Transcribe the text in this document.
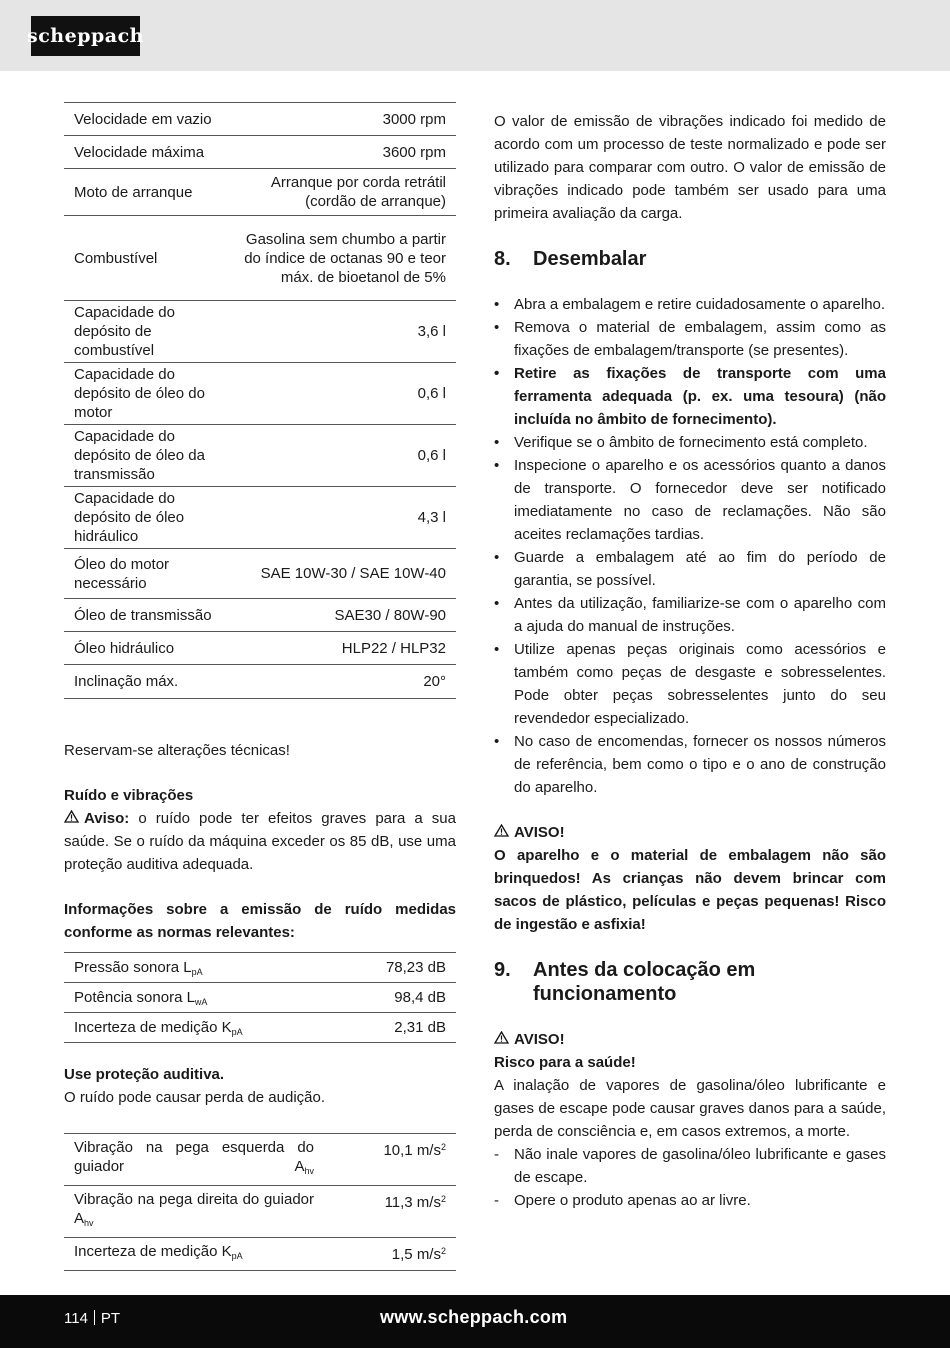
scheppach
Velocidade em vazio	3000 rpm
Velocidade máxima	3600 rpm
Moto de arranque	Arranque por corda retrátil (cordão de arranque)
Combustível	Gasolina sem chumbo a partir do índice de octanas 90 e teor máx. de bioetanol de 5%
Capacidade do depósito de combustível	3,6 l
Capacidade do depósito de óleo do motor	0,6 l
Capacidade do depósito de óleo da transmissão	0,6 l
Capacidade do depósito de óleo hidráulico	4,3 l
Óleo do motor necessário	SAE 10W-30 / SAE 10W-40
Óleo de transmissão	SAE30 / 80W-90
Óleo hidráulico	HLP22 / HLP32
Inclinação máx.	20°

Reservam-se alterações técnicas!

Ruído e vibrações

Aviso: o ruído pode ter efeitos graves para a sua saúde. Se o ruído da máquina exceder os 85 dB, use uma proteção auditiva adequada.

Informações sobre a emissão de ruído medidas conforme as normas relevantes:

Pressão sonora $L_{pA}$	78,23 dB
Potência sonora $L_{wA}$	98,4 dB
Incerteza de medição $K_{pA}$	2,31 dB

Use proteção auditiva.

O ruído pode causar perda de audição.

Vibração na pega esquerda do guiador $A_{hv}$	10,1 $m/s^2$
Vibração na pega direita do guiador $A_{hv}$	11,3 $m/s^2$
Incerteza de medição $K_{pA}$	1,5 $m/s^2$

O valor de emissão de vibrações indicado foi medido de acordo com um processo de teste normalizado e pode ser utilizado para comparar com outro. O valor de emissão de vibrações indicado pode também ser usado para uma primeira avaliação da carga.

8.	Desembalar
• Abra a embalagem e retire cuidadosamente o aparelho.
• Remova o material de embalagem, assim como as fixações de embalagem/transporte (se presentes).
• Retire as fixações de transporte com uma ferramenta adequada (p. ex. uma tesoura) (não incluída no âmbito de fornecimento).
• Verifique se o âmbito de fornecimento está completo.
• Inspecione o aparelho e os acessórios quanto a danos de transporte. O fornecedor deve ser notificado imediatamente no caso de reclamações. Não são aceites reclamações tardias.
• Guarde a embalagem até ao fim do período de garantia, se possível.
• Antes da utilização, familiarize-se com o aparelho com a ajuda do manual de instruções.
• Utilize apenas peças originais como acessórios e também como peças de desgaste e sobresselentes. Pode obter peças sobresselentes junto do seu revendedor especializado.
• No caso de encomendas, fornecer os nossos números de referência, bem como o tipo e o ano de construção do aparelho.

AVISO!

O aparelho e o material de embalagem não são brinquedos! As crianças não devem brincar com sacos de plástico, películas e peças pequenas! Risco de ingestão e asfixia!

9.	Antes da colocação em funcionamento

AVISO!

Risco para a saúde!

A inalação de vapores de gasolina/óleo lubrificante e gases de escape pode causar graves danos para a saúde, perda de consciência e, em casos extremos, a morte.

- Não inale vapores de gasolina/óleo lubrificante e gases de escape.
- Opere o produto apenas ao ar livre.
114 PT	www.scheppach.com
